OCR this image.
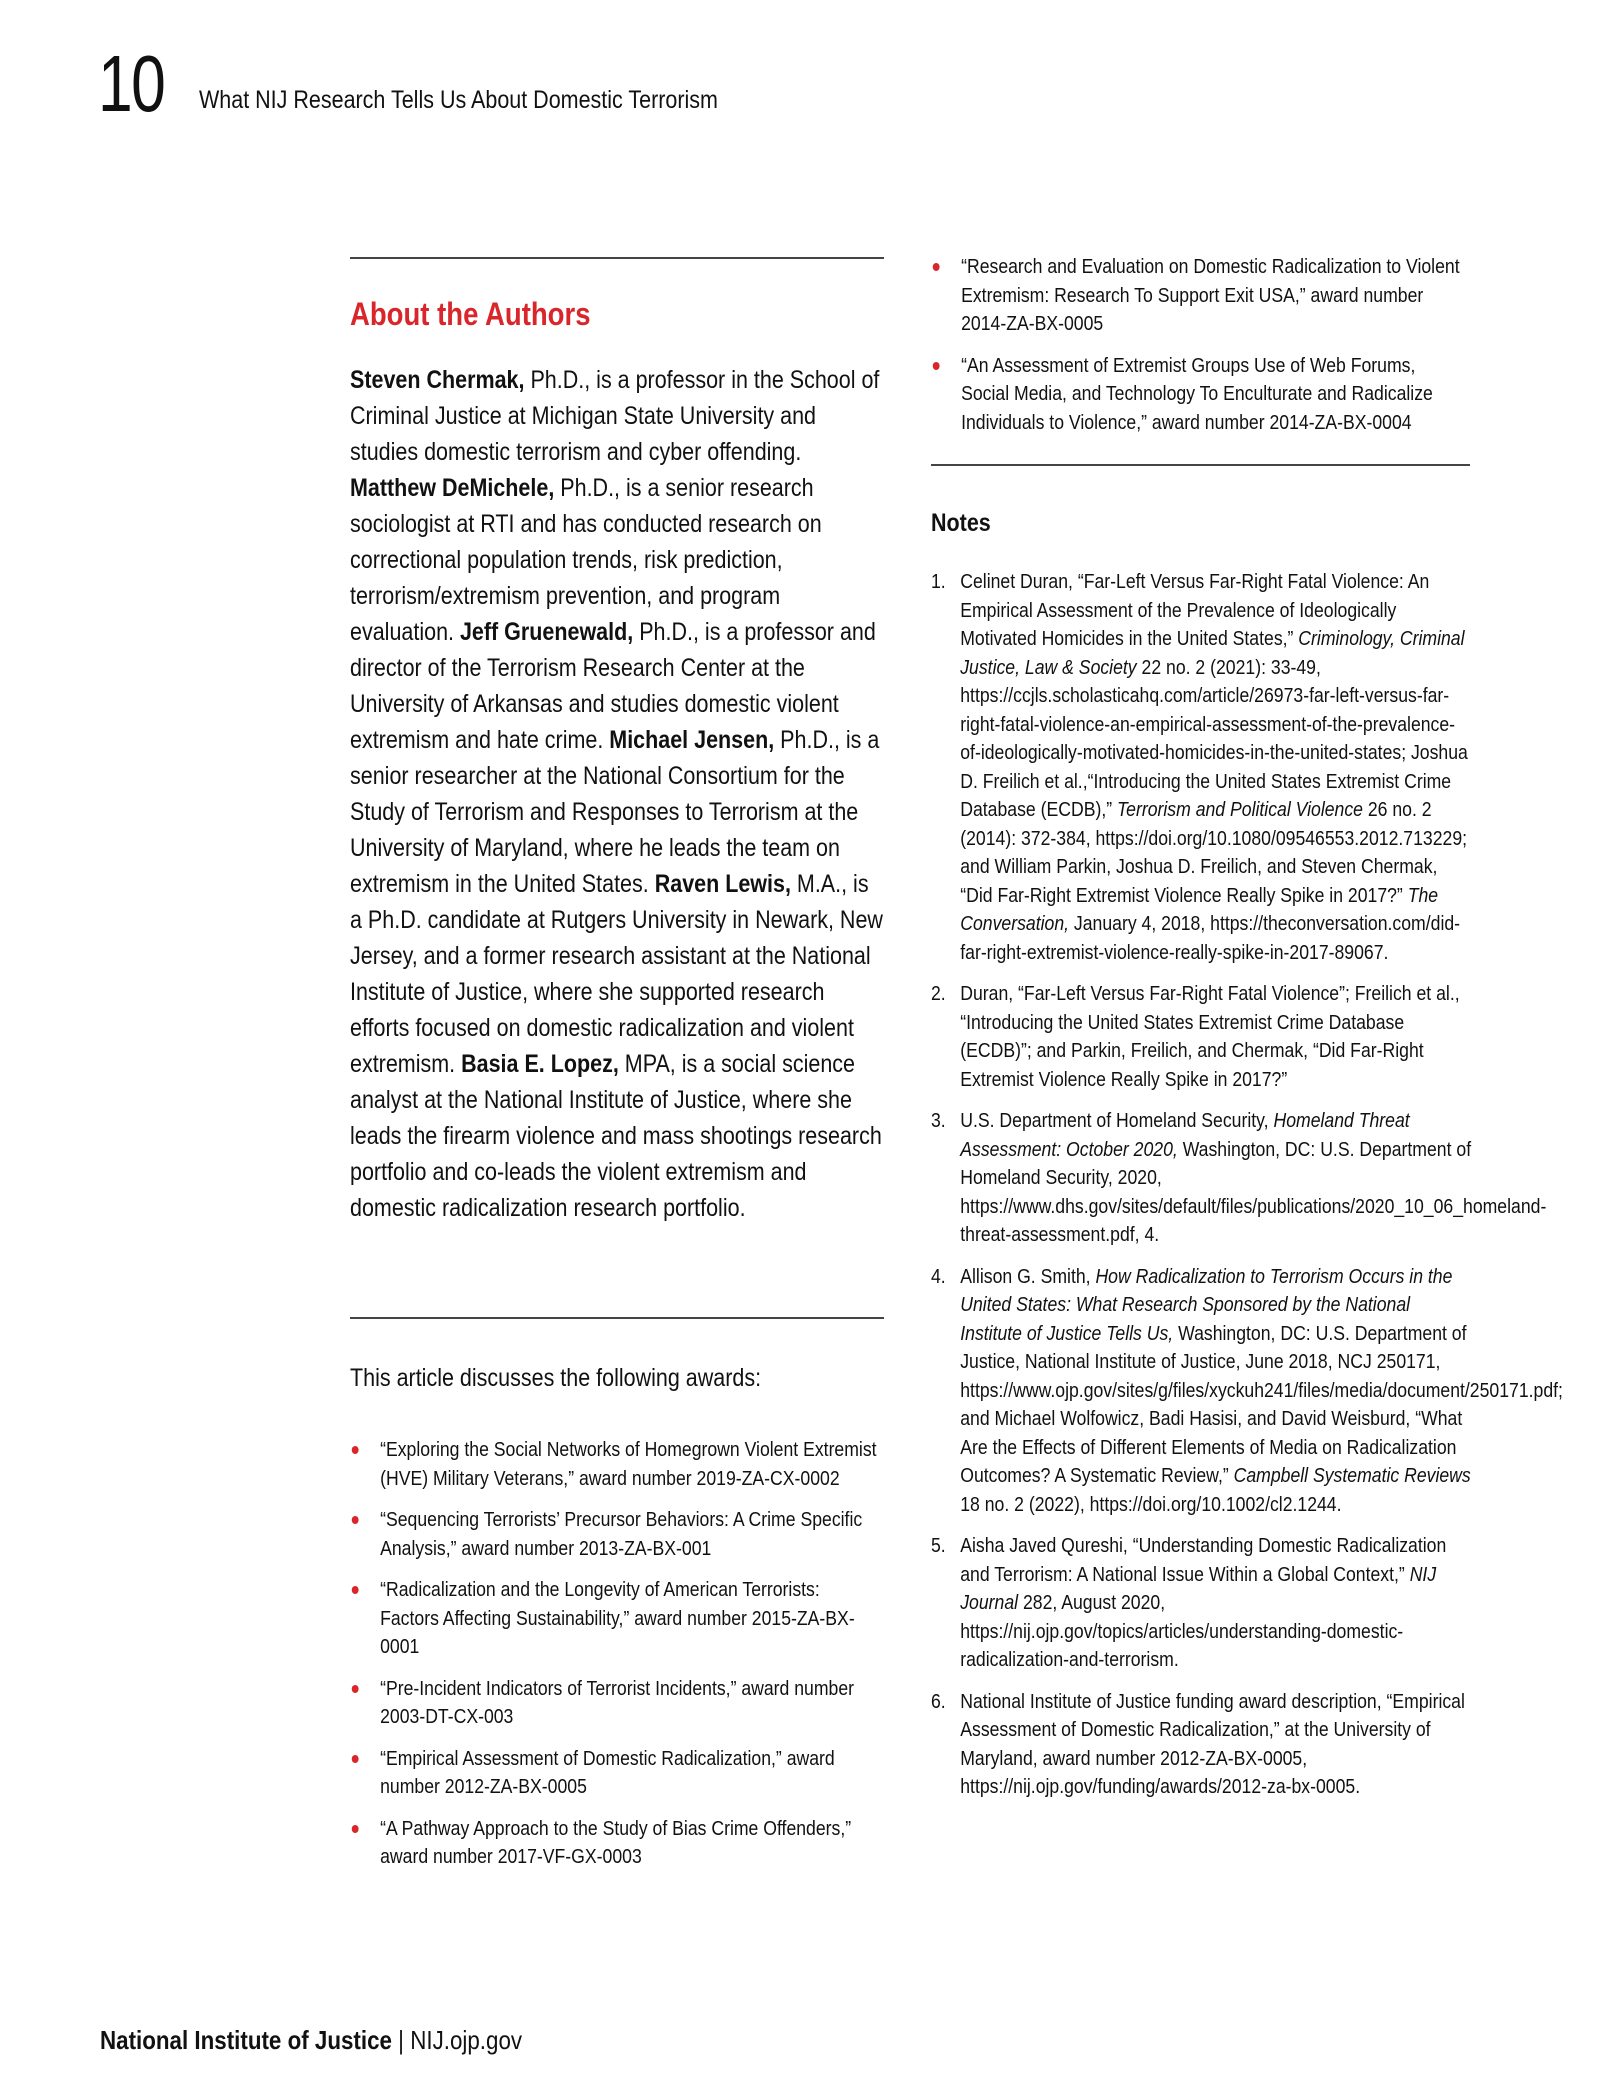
10 What NIJ Research Tells Us About Domestic Terrorism
About the Authors
Steven Chermak, Ph.D., is a professor in the School of Criminal Justice at Michigan State University and studies domestic terrorism and cyber offending. Matthew DeMichele, Ph.D., is a senior research sociologist at RTI and has conducted research on correctional population trends, risk prediction, terrorism/extremism prevention, and program evaluation. Jeff Gruenewald, Ph.D., is a professor and director of the Terrorism Research Center at the University of Arkansas and studies domestic violent extremism and hate crime. Michael Jensen, Ph.D., is a senior researcher at the National Consortium for the Study of Terrorism and Responses to Terrorism at the University of Maryland, where he leads the team on extremism in the United States. Raven Lewis, M.A., is a Ph.D. candidate at Rutgers University in Newark, New Jersey, and a former research assistant at the National Institute of Justice, where she supported research efforts focused on domestic radicalization and violent extremism. Basia E. Lopez, MPA, is a social science analyst at the National Institute of Justice, where she leads the firearm violence and mass shootings research portfolio and co-leads the violent extremism and domestic radicalization research portfolio.
This article discusses the following awards:
“Exploring the Social Networks of Homegrown Violent Extremist (HVE) Military Veterans,” award number 2019-ZA-CX-0002
“Sequencing Terrorists’ Precursor Behaviors: A Crime Specific Analysis,” award number 2013-ZA-BX-001
“Radicalization and the Longevity of American Terrorists: Factors Affecting Sustainability,” award number 2015-ZA-BX-0001
“Pre-Incident Indicators of Terrorist Incidents,” award number 2003-DT-CX-003
“Empirical Assessment of Domestic Radicalization,” award number 2012-ZA-BX-0005
“A Pathway Approach to the Study of Bias Crime Offenders,” award number 2017-VF-GX-0003
“Research and Evaluation on Domestic Radicalization to Violent Extremism: Research To Support Exit USA,” award number 2014-ZA-BX-0005
“An Assessment of Extremist Groups Use of Web Forums, Social Media, and Technology To Enculturate and Radicalize Individuals to Violence,” award number 2014-ZA-BX-0004
Notes
1. Celinet Duran, “Far-Left Versus Far-Right Fatal Violence: An Empirical Assessment of the Prevalence of Ideologically Motivated Homicides in the United States,” Criminology, Criminal Justice, Law & Society 22 no. 2 (2021): 33-49, https://ccjls.scholasticahq.com/article/26973-far-left-versus-far-right-fatal-violence-an-empirical-assessment-of-the-prevalence-of-ideologically-motivated-homicides-in-the-united-states; Joshua D. Freilich et al.,“Introducing the United States Extremist Crime Database (ECDB),” Terrorism and Political Violence 26 no. 2 (2014): 372-384, https://doi.org/10.1080/09546553.2012.713229; and William Parkin, Joshua D. Freilich, and Steven Chermak, “Did Far-Right Extremist Violence Really Spike in 2017?” The Conversation, January 4, 2018, https://theconversation.com/did-far-right-extremist-violence-really-spike-in-2017-89067.
2. Duran, “Far-Left Versus Far-Right Fatal Violence”; Freilich et al., “Introducing the United States Extremist Crime Database (ECDB)”; and Parkin, Freilich, and Chermak, “Did Far-Right Extremist Violence Really Spike in 2017?”
3. U.S. Department of Homeland Security, Homeland Threat Assessment: October 2020, Washington, DC: U.S. Department of Homeland Security, 2020, https://www.dhs.gov/sites/default/files/publications/2020_10_06_homeland-threat-assessment.pdf, 4.
4. Allison G. Smith, How Radicalization to Terrorism Occurs in the United States: What Research Sponsored by the National Institute of Justice Tells Us, Washington, DC: U.S. Department of Justice, National Institute of Justice, June 2018, NCJ 250171, https://www.ojp.gov/sites/g/files/xyckuh241/files/media/document/250171.pdf; and Michael Wolfowicz, Badi Hasisi, and David Weisburd, “What Are the Effects of Different Elements of Media on Radicalization Outcomes? A Systematic Review,” Campbell Systematic Reviews 18 no. 2 (2022), https://doi.org/10.1002/cl2.1244.
5. Aisha Javed Qureshi, “Understanding Domestic Radicalization and Terrorism: A National Issue Within a Global Context,” NIJ Journal 282, August 2020, https://nij.ojp.gov/topics/articles/understanding-domestic-radicalization-and-terrorism.
6. National Institute of Justice funding award description, “Empirical Assessment of Domestic Radicalization,” at the University of Maryland, award number 2012-ZA-BX-0005, https://nij.ojp.gov/funding/awards/2012-za-bx-0005.
National Institute of Justice | NIJ.ojp.gov
